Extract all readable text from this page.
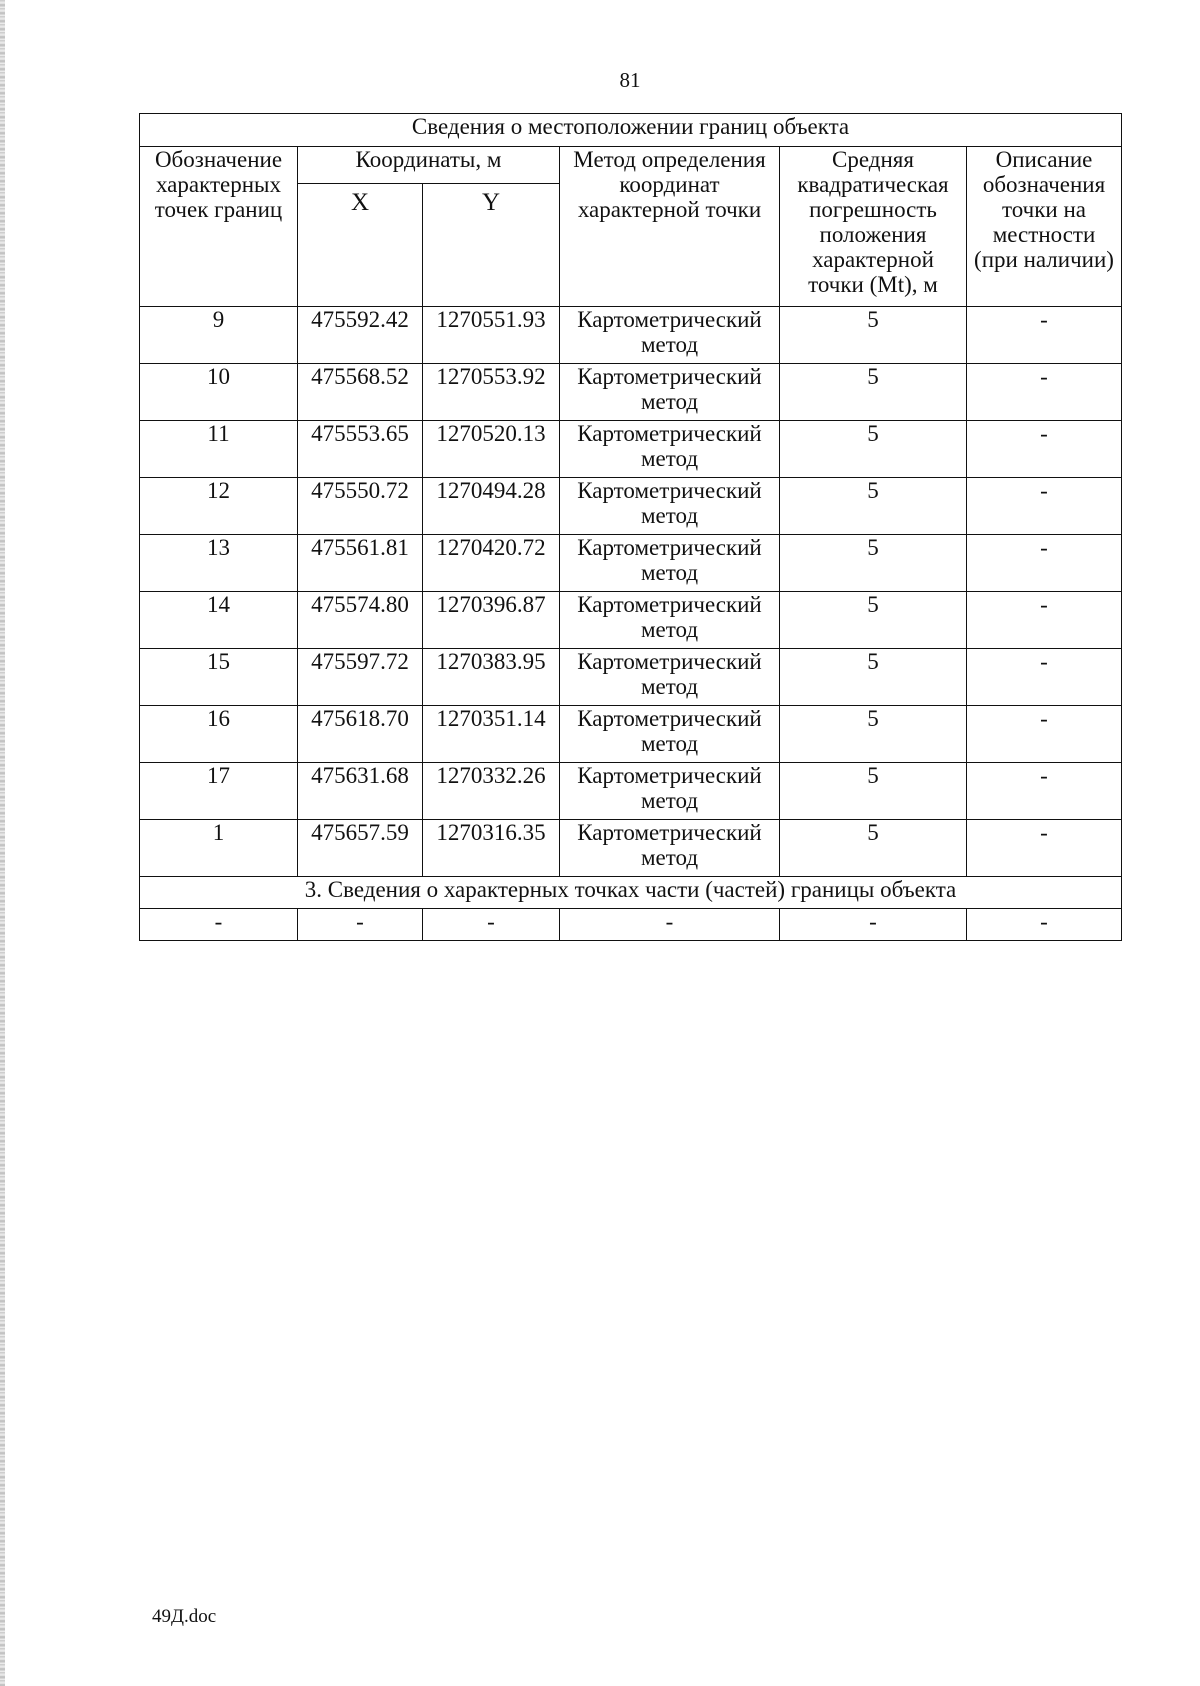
81
Сведения о местоположении границ объекта					
Обозначение характерных точек границ	Координаты, м		Метод определения координат характерной точки	Средняя квадратическая погрешность положения характерной точки (Mt), м	Описание обозначения точки на местности (при наличии)
	X	Y			
9	475592.42	1270551.93	Картометрический метод	5	-
10	475568.52	1270553.92	Картометрический метод	5	-
11	475553.65	1270520.13	Картометрический метод	5	-
12	475550.72	1270494.28	Картометрический метод	5	-
13	475561.81	1270420.72	Картометрический метод	5	-
14	475574.80	1270396.87	Картометрический метод	5	-
15	475597.72	1270383.95	Картометрический метод	5	-
16	475618.70	1270351.14	Картометрический метод	5	-
17	475631.68	1270332.26	Картометрический метод	5	-
1	475657.59	1270316.35	Картометрический метод	5	-
3. Сведения о характерных точках части (частей) границы объекта					
-	-	-	-	-	-
49Д.doc
